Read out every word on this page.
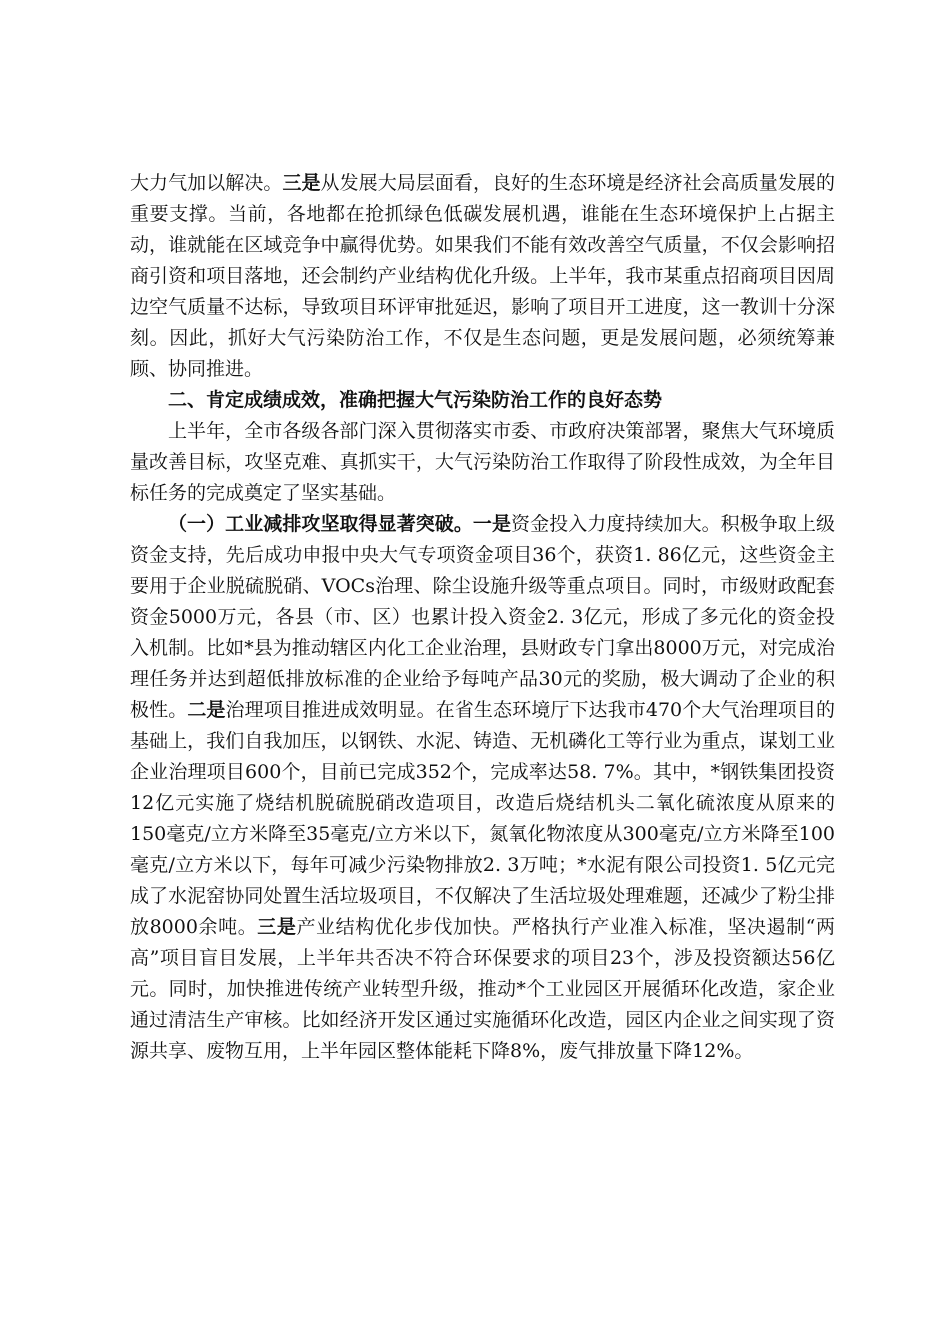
大力气加以解决。三是从发展大局层面看，良好的生态环境是经济社会高质量发展的重要支撑。当前，各地都在抢抓绿色低碳发展机遇，谁能在生态环境保护上占据主动，谁就能在区域竞争中赢得优势。如果我们不能有效改善空气质量，不仅会影响招商引资和项目落地，还会制约产业结构优化升级。上半年，我市某重点招商项目因周边空气质量不达标，导致项目环评审批延迟，影响了项目开工进度，这一教训十分深刻。因此，抓好大气污染防治工作，不仅是生态问题，更是发展问题，必须统筹兼顾、协同推进。

二、肯定成绩成效，准确把握大气污染防治工作的良好态势

上半年，全市各级各部门深入贯彻落实市委、市政府决策部署，聚焦大气环境质量改善目标，攻坚克难、真抓实干，大气污染防治工作取得了阶段性成效，为全年目标任务的完成奠定了坚实基础。

（一）工业减排攻坚取得显著突破。一是资金投入力度持续加大。积极争取上级资金支持，先后成功申报中央大气专项资金项目36个，获资1. 86亿元，这些资金主要用于企业脱硫脱硝、VOCs治理、除尘设施升级等重点项目。同时，市级财政配套资金5000万元，各县（市、区）也累计投入资金2. 3亿元，形成了多元化的资金投入机制。比如*县为推动辖区内化工企业治理，县财政专门拿出8000万元，对完成治理任务并达到超低排放标准的企业给予每吨产品30元的奖励，极大调动了企业的积极性。二是治理项目推进成效明显。在省生态环境厅下达我市470个大气治理项目的基础上，我们自我加压，以钢铁、水泥、铸造、无机磷化工等行业为重点，谋划工业企业治理项目600个，目前已完成352个，完成率达58. 7%。其中，*钢铁集团投资12亿元实施了烧结机脱硫脱硝改造项目，改造后烧结机头二氧化硫浓度从原来的150毫克/立方米降至35毫克/立方米以下，氮氧化物浓度从300毫克/立方米降至100毫克/立方米以下，每年可减少污染物排放2. 3万吨；*水泥有限公司投资1. 5亿元完成了水泥窑协同处置生活垃圾项目，不仅解决了生活垃圾处理难题，还减少了粉尘排放8000余吨。三是产业结构优化步伐加快。严格执行产业准入标准，坚决遏制“两高”项目盲目发展，上半年共否决不符合环保要求的项目23个，涉及投资额达56亿元。同时，加快推进传统产业转型升级，推动*个工业园区开展循环化改造，家企业通过清洁生产审核。比如经济开发区通过实施循环化改造，园区内企业之间实现了资源共享、废物互用，上半年园区整体能耗下降8%，废气排放量下降12%。
